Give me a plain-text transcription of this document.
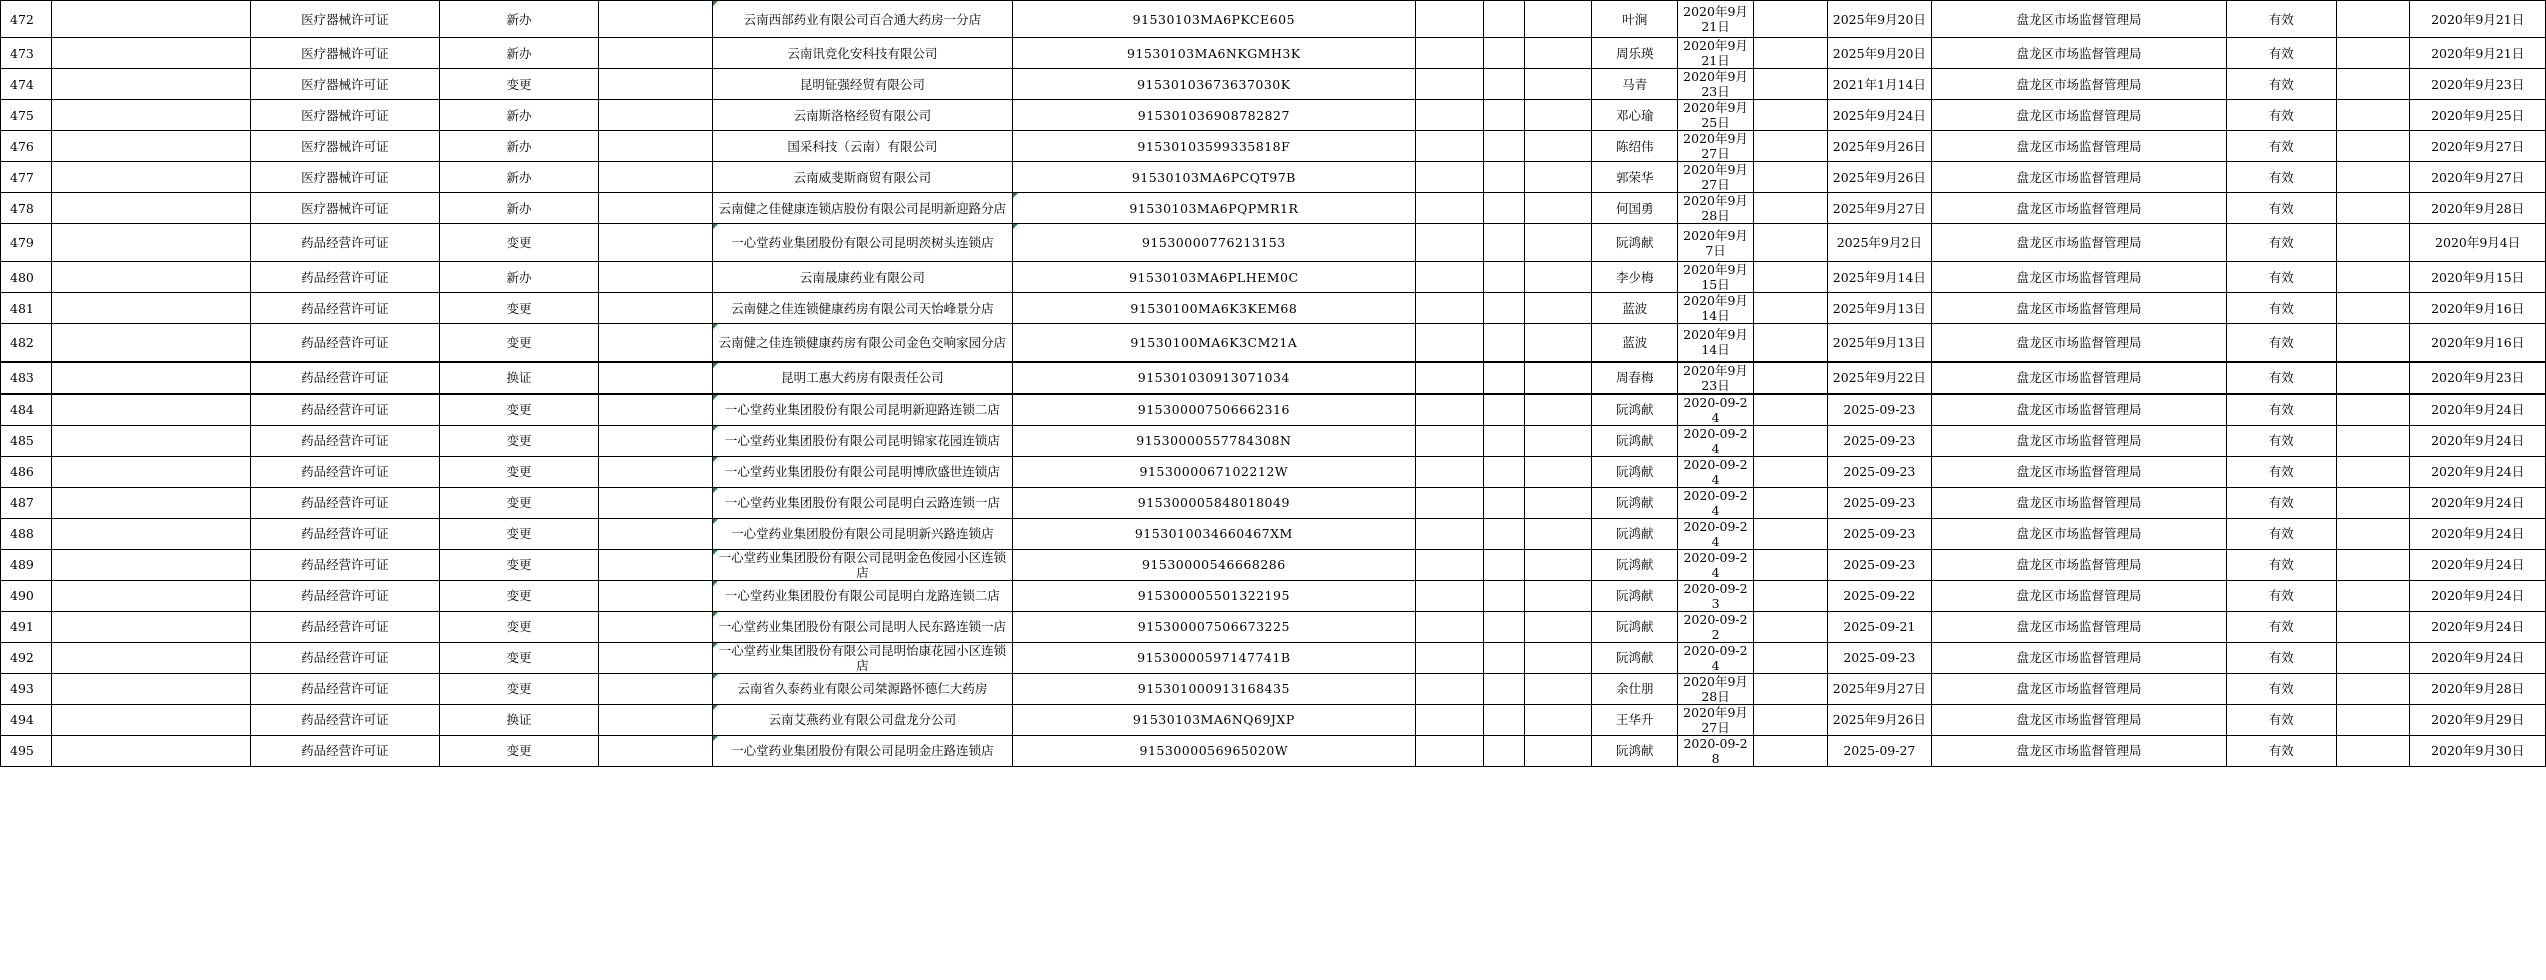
472		医疗器械许可证	新办		云南西部药业有限公司百合通大药房一分店	91530103MA6PKCE605				叶涧	2020年9月21日		2025年9月20日	盘龙区市场监督管理局	有效		2020年9月21日
473		医疗器械许可证	新办		云南讯竞化安科技有限公司	91530103MA6NKGMH3K				周乐瑛	2020年9月21日		2025年9月20日	盘龙区市场监督管理局	有效		2020年9月21日
474		医疗器械许可证	变更		昆明钲强经贸有限公司	91530103673637030K				马青	2020年9月23日		2021年1月14日	盘龙区市场监督管理局	有效		2020年9月23日
475		医疗器械许可证	新办		云南斯洛格经贸有限公司	91530103690878282​7				邓心瑜	2020年9月25日		2025年9月24日	盘龙区市场监督管理局	有效		2020年9月25日
476		医疗器械许可证	新办		国采科技（云南）有限公司	91530103599335818F				陈绍伟	2020年9月27日		2025年9月26日	盘龙区市场监督管理局	有效		2020年9月27日
477		医疗器械许可证	新办		云南威斐斯商贸有限公司	91530103MA6PCQT97B				郭荣华	2020年9月27日		2025年9月26日	盘龙区市场监督管理局	有效		2020年9月27日
478		医疗器械许可证	新办		云南健之佳健康连锁店股份有限公司昆明新迎路分店	91530103MA6PQPMR1R				何国勇	2020年9月28日		2025年9月27日	盘龙区市场监督管理局	有效		2020年9月28日
479		药品经营许可证	变更		一心堂药业集团股份有限公司昆明茨树头连锁店	915300007762131​53				阮鸿献	2020年9月7日		2025年9月2日	盘龙区市场监督管理局	有效		2020年9月4日
480		药品经营许可证	新办		云南晟康药业有限公司	91530103MA6PLHEM0C				李少梅	2020年9月15日		2025年9月14日	盘龙区市场监督管理局	有效		2020年9月15日
481		药品经营许可证	变更		云南健之佳连锁健康药房有限公司天怡峰景分店	91530100MA6K3KEM68				蓝波	2020年9月14日		2025年9月13日	盘龙区市场监督管理局	有效		2020年9月16日
482		药品经营许可证	变更		云南健之佳连锁健康药房有限公司金色交响家园分店	91530100MA6K3CM21A				蓝波	2020年9月14日		2025年9月13日	盘龙区市场监督管理局	有效		2020年9月16日
483		药品经营许可证	换证		昆明工惠大药房有限责任公司	91530103091307103​4				周春梅	2020年9月23日		2025年9月22日	盘龙区市场监督管理局	有效		2020年9月23日
484		药品经营许可证	变更		一心堂药业集团股份有限公司昆明新迎路连锁二店	915300007506662316				阮鸿献	2020-09-24		2025-09-23	盘龙区市场监督管理局	有效		2020年9月24日
485		药品经营许可证	变更		一心堂药业集团股份有限公司昆明锦家花园连锁店	91530000557784308N				阮鸿献	2020-09-24		2025-09-23	盘龙区市场监督管理局	有效		2020年9月24日
486		药品经营许可证	变更		一心堂药业集团股份有限公司昆明博欣盛世连锁店	91530000671022​12W				阮鸿献	2020-09-24		2025-09-23	盘龙区市场监督管理局	有效		2020年9月24日
487		药品经营许可证	变更		一心堂药业集团股份有限公司昆明白云路连锁一店	915300005848018049				阮鸿献	2020-09-24		2025-09-23	盘龙区市场监督管理局	有效		2020年9月24日
488		药品经营许可证	变更		一心堂药业集团股份有限公司昆明新兴路连锁店	91530100346604​67XM				阮鸿献	2020-09-24		2025-09-23	盘龙区市场监督管理局	有效		2020年9月24日
489		药品经营许可证	变更		一心堂药业集团股份有限公司昆明金色俊园小区连锁店	915300005466682​86				阮鸿献	2020-09-24		2025-09-23	盘龙区市场监督管理局	有效		2020年9月24日
490		药品经营许可证	变更		一心堂药业集团股份有限公司昆明白龙路连锁二店	915300005501322195				阮鸿献	2020-09-23		2025-09-22	盘龙区市场监督管理局	有效		2020年9月24日
491		药品经营许可证	变更		一心堂药业集团股份有限公司昆明人民东路连锁一店	915300007506673225				阮鸿献	2020-09-22		2025-09-21	盘龙区市场监督管理局	有效		2020年9月24日
492		药品经营许可证	变更		一心堂药业集团股份有限公司昆明怡康花园小区连锁店	91530000597147741B				阮鸿献	2020-09-24		2025-09-23	盘龙区市场监督管理局	有效		2020年9月24日
493		药品经营许可证	变更		云南省久泰药业有限公司桀源路怀德仁大药房	915301000913168435				余仕朋	2020年9月28日		2025年9月27日	盘龙区市场监督管理局	有效		2020年9月28日
494		药品经营许可证	换证		云南艾燕药业有限公司盘龙分公司	91530103MA6NQ69JXP				王华升	2020年9月27日		2025年9月26日	盘龙区市场监督管理局	有效		2020年9月29日
495		药品经营许可证	变更		一心堂药业集团股份有限公司昆明金庄路连锁店	91530000569650​20W				阮鸿献	2020-09-28		2025-09-27	盘龙区市场监督管理局	有效		2020年9月30日
